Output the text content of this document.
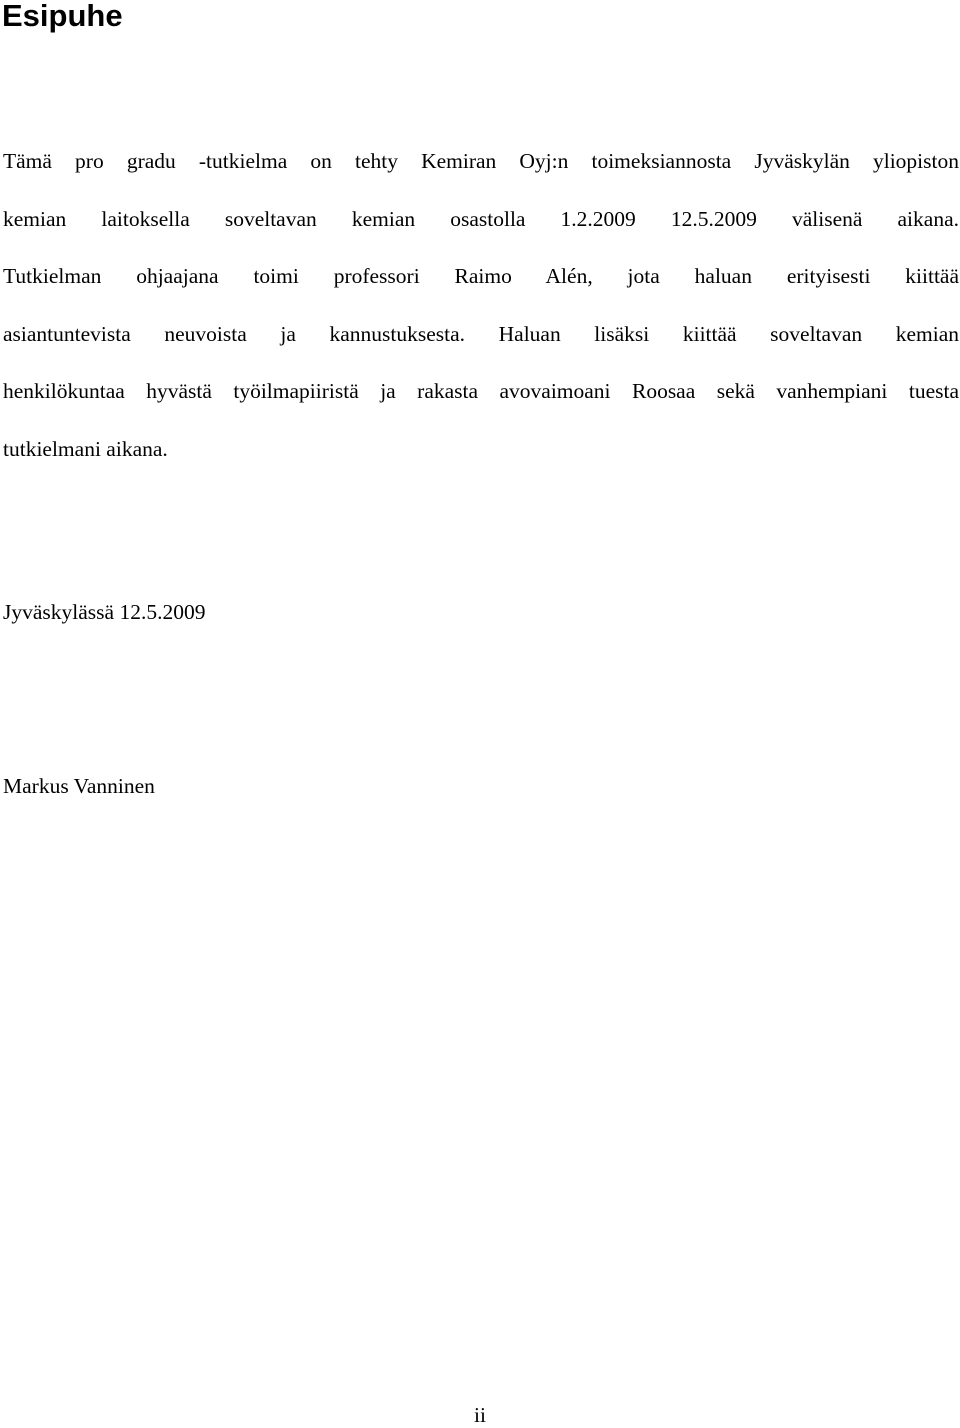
Esipuhe
Tämä pro gradu -tutkielma on tehty Kemiran Oyj:n toimeksiannosta Jyväskylän yliopiston
kemian laitoksella soveltavan kemian osastolla 1.2.2009 12.5.2009 välisenä aikana.
Tutkielman ohjaajana toimi professori Raimo Alén, jota haluan erityisesti kiittää
asiantuntevista neuvoista ja kannustuksesta. Haluan lisäksi kiittää soveltavan kemian
henkilökuntaa hyvästä työilmapiiristä ja rakasta avovaimoani Roosaa sekä vanhempiani tuesta
tutkielmani aikana.

Jyväskylässä 12.5.2009

Markus Vanninen

ii
